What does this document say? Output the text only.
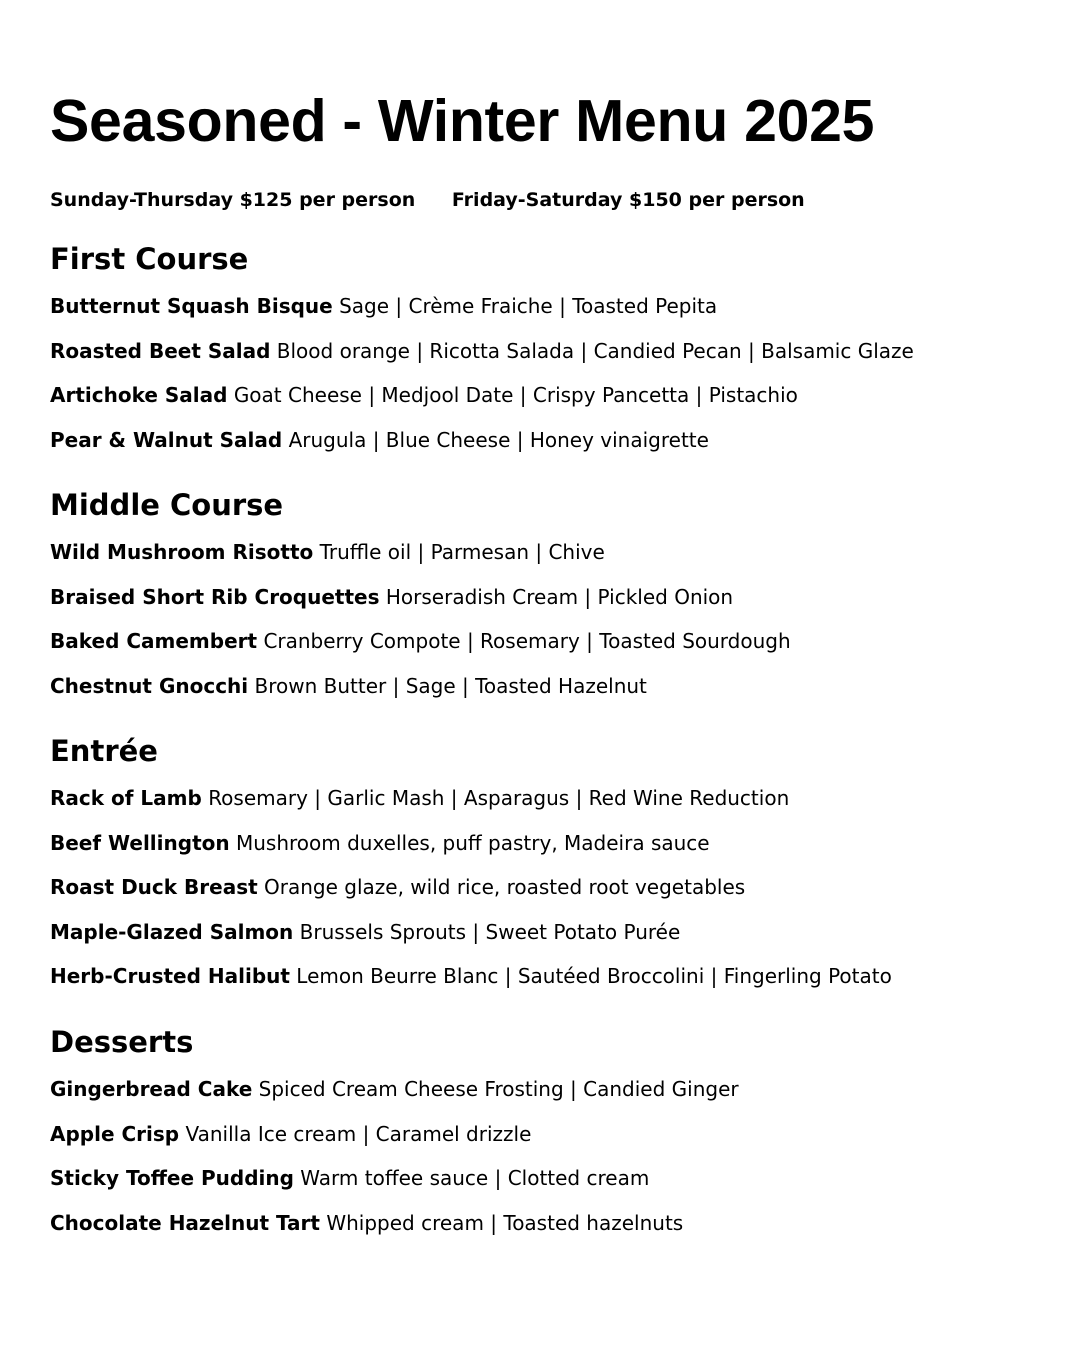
Seasoned - Winter Menu 2025
Sunday-Thursday $125 per person Friday-Saturday $150 per person
First Course
Butternut Squash Bisque Sage | Crème Fraiche | Toasted Pepita
Roasted Beet Salad Blood orange | Ricotta Salada | Candied Pecan | Balsamic Glaze
Artichoke Salad Goat Cheese | Medjool Date | Crispy Pancetta | Pistachio
Pear & Walnut Salad Arugula | Blue Cheese | Honey vinaigrette
Middle Course
Wild Mushroom Risotto Truffle oil | Parmesan | Chive
Braised Short Rib Croquettes Horseradish Cream | Pickled Onion
Baked Camembert Cranberry Compote | Rosemary | Toasted Sourdough
Chestnut Gnocchi Brown Butter | Sage | Toasted Hazelnut
Entrée
Rack of Lamb Rosemary | Garlic Mash | Asparagus | Red Wine Reduction
Beef Wellington Mushroom duxelles, puff pastry, Madeira sauce
Roast Duck Breast Orange glaze, wild rice, roasted root vegetables
Maple-Glazed Salmon Brussels Sprouts | Sweet Potato Purée
Herb-Crusted Halibut Lemon Beurre Blanc | Sautéed Broccolini | Fingerling Potato
Desserts
Gingerbread Cake Spiced Cream Cheese Frosting | Candied Ginger
Apple Crisp Vanilla Ice cream | Caramel drizzle
Sticky Toffee Pudding Warm toffee sauce | Clotted cream
Chocolate Hazelnut Tart Whipped cream | Toasted hazelnuts
